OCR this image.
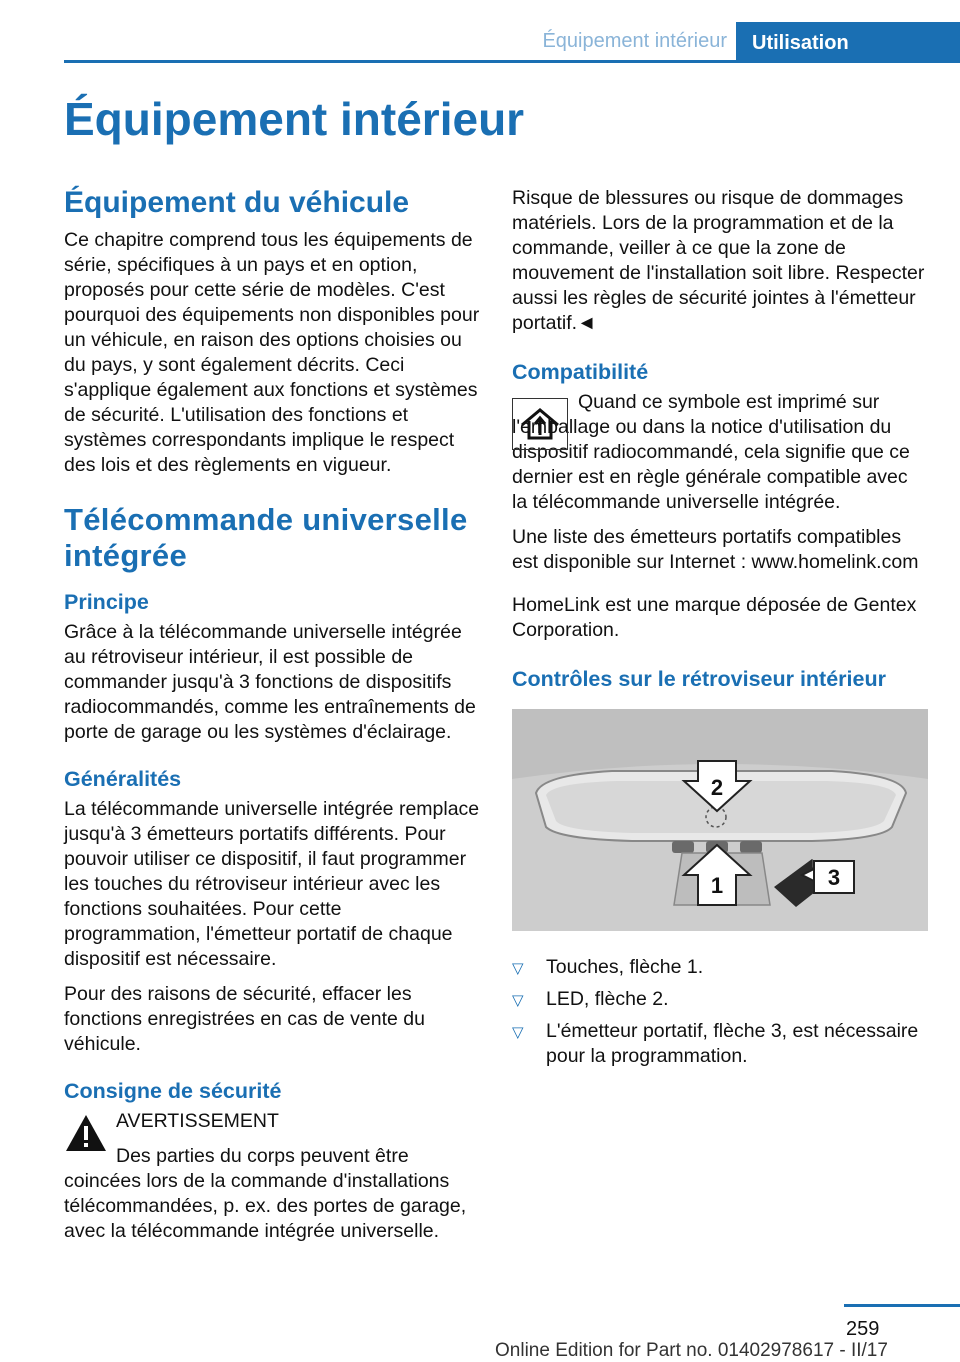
Équipement intérieur	Utilisation
Équipement intérieur
Équipement du véhicule

Ce chapitre comprend tous les équipements de série, spécifiques à un pays et en option, proposés pour cette série de modèles. C'est pourquoi des équipements non disponibles pour un véhicule, en raison des options choisies ou du pays, y sont également décrits. Ceci s'applique également aux fonctions et systèmes de sécurité. L'utilisation des fonctions et systèmes correspondants implique le respect des lois et des règlements en vigueur.

Télécommande universelle intégrée
Principe

Grâce à la télécommande universelle intégrée au rétroviseur intérieur, il est possible de commander jusqu'à 3 fonctions de dispositifs radiocommandés, comme les entraînements de porte de garage ou les systèmes d'éclairage.

Généralités

La télécommande universelle intégrée remplace jusqu'à 3 émetteurs portatifs différents. Pour pouvoir utiliser ce dispositif, il faut programmer les touches du rétroviseur intérieur avec les fonctions souhaitées. Pour cette programmation, l'émetteur portatif de chaque dispositif est nécessaire.

Pour des raisons de sécurité, effacer les fonctions enregistrées en cas de vente du véhicule.

Consigne de sécurité

AVERTISSEMENT

Des parties du corps peuvent être coincées lors de la commande d'installations télécommandées, p. ex. des portes de garage, avec la télécommande intégrée universelle.

Risque de blessures ou risque de dommages matériels. Lors de la programmation et de la commande, veiller à ce que la zone de mouvement de l'installation soit libre. Respecter aussi les règles de sécurité jointes à l'émetteur portatif.◄

Compatibilité

Quand ce symbole est imprimé sur l'emballage ou dans la notice d'utilisation du dispositif radiocommandé, cela signifie que ce dernier est en règle générale compatible avec la télécommande universelle intégrée.

Une liste des émetteurs portatifs compatibles est disponible sur Internet : www.homelink.com

HomeLink est une marque déposée de Gentex Corporation.

Contrôles sur le rétroviseur intérieur
2
1	3
▽ Touches, flèche 1.
▽ LED, flèche 2.
▽ L'émetteur portatif, flèche 3, est nécessaire pour la programmation.
259
Online Edition for Part no. 01402978617 - II/17
